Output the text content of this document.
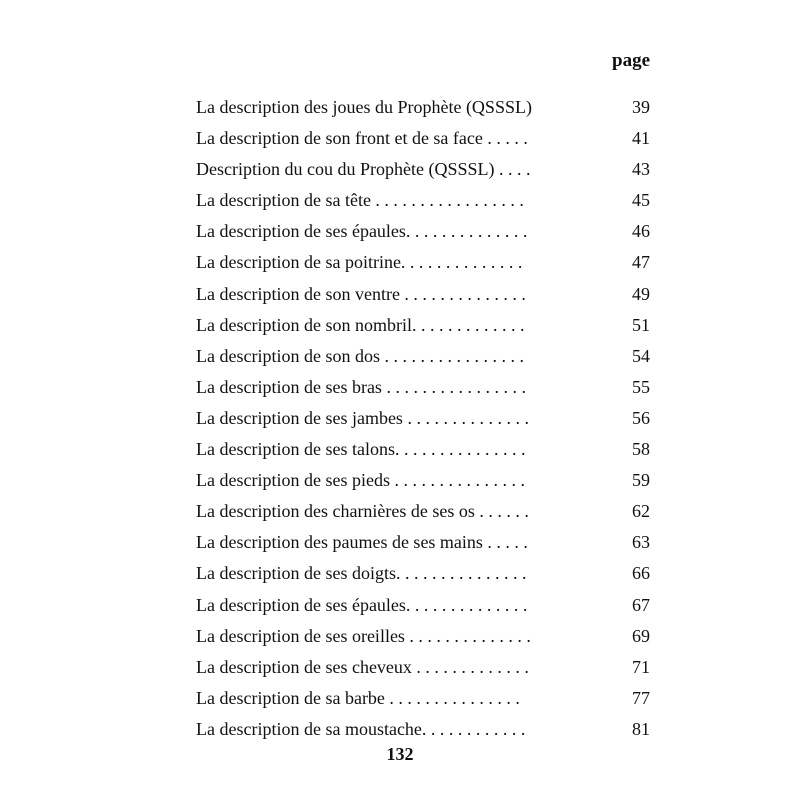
page
La description des joues du Prophète (QSSSL)	39
La description de son front et de sa face . . . . .	41
Description du cou du Prophète (QSSSL) . . . .	43
La description de sa tête . . . . . . . . . . . . . . . . .	45
La description de ses épaules. . . . . . . . . . . . . .	46
La description de sa poitrine. . . . . . . . . . . . . .	47
La description de son ventre . . . . . . . . . . . . . .	49
La description de son nombril. . . . . . . . . . . . .	51
La description de son dos . . . . . . . . . . . . . . . .	54
La description de ses bras . . . . . . . . . . . . . . . .	55
La description de ses jambes . . . . . . . . . . . . . .	56
La description de ses talons. . . . . . . . . . . . . . .	58
La description de ses pieds . . . . . . . . . . . . . . .	59
La description des charnières de ses os . . . . . .	62
La description des paumes de ses mains . . . . .	63
La description de ses doigts. . . . . . . . . . . . . . .	66
La description de ses épaules. . . . . . . . . . . . . .	67
La description de ses oreilles . . . . . . . . . . . . . .	69
La description de ses cheveux . . . . . . . . . . . . .	71
La description de sa barbe . . . . . . . . . . . . . . .	77
La description de sa moustache. . . . . . . . . . . .	81
132
